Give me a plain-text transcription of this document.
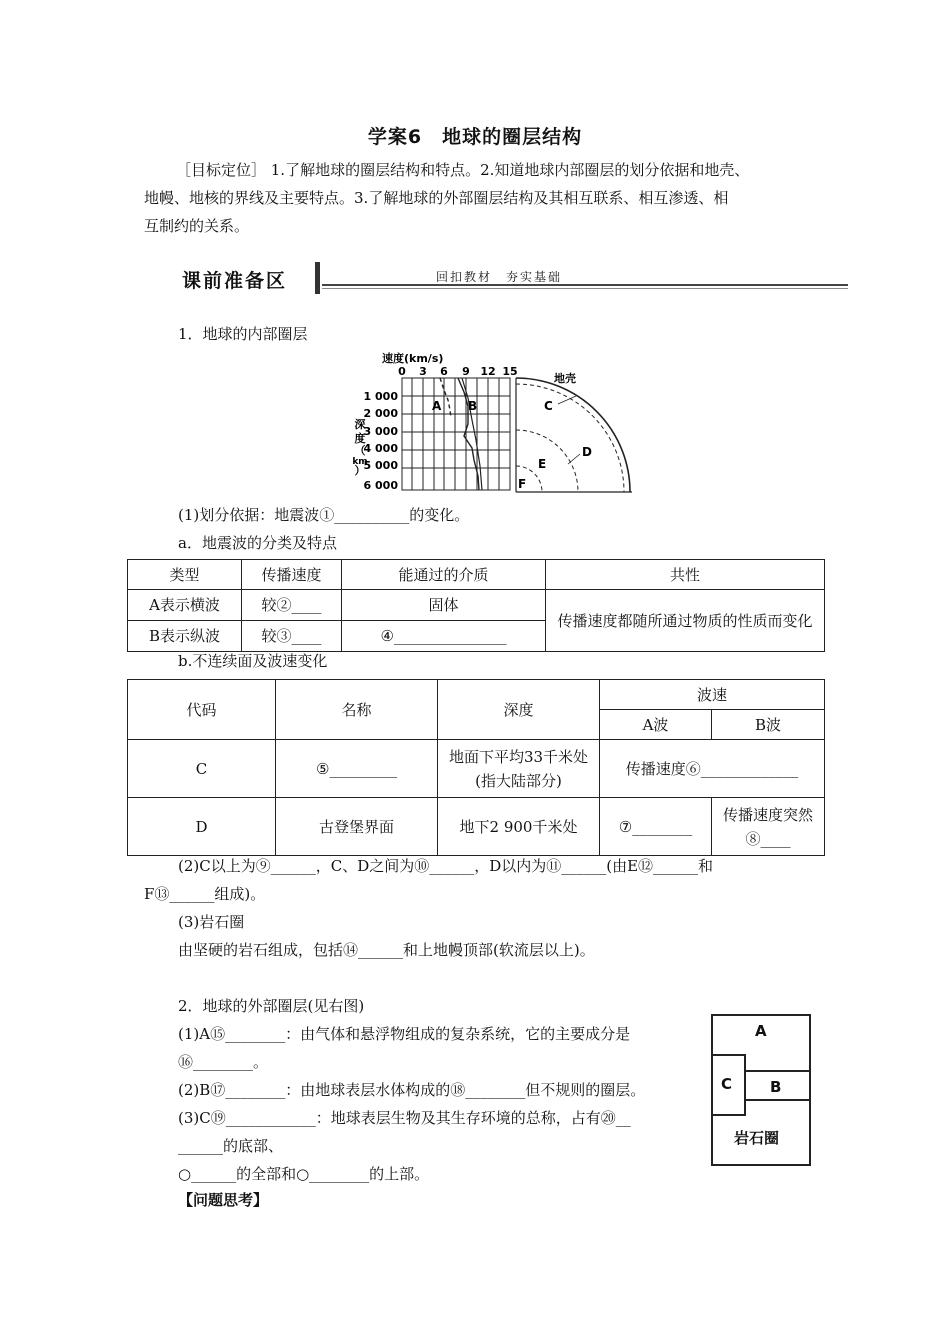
学案6　地球的圈层结构
［目标定位］ 1.了解地球的圈层结构和特点。2.知道地球内部圈层的划分依据和地壳、
地幔、地核的界线及主要特点。3.了解地球的外部圈层结构及其相互联系、相互渗透、相
互制约的关系。
课前准备区	回扣教材　夯实基础
1．地球的内部圈层
速度(km/s)
0 3 6 9 12 15
1 000
2 000
3 000
4 000
5 000
6 000
深
度
（
km
）
A B
地壳
C
D
E
F
(1)划分依据：地震波①__________的变化。
a．地震波的分类及特点
类型	传播速度	能通过的介质	共性
A表示横波	较②____	固体	传播速度都随所通过物质的性质而变化
B表示纵波	较③____	④_______________	
b.不连续面及波速变化
代码	名称	深度	波速	
			A波	B波
C	⑤_________	地面下平均33千米处(指大陆部分)	传播速度⑥_____________	
D	古登堡界面	地下2 900千米处	⑦________	传播速度突然⑧____
(2)C以上为⑨______，C、D之间为⑩______，D以内为⑪______(由E⑫______和
F⑬______组成)。
(3)岩石圈
由坚硬的岩石组成，包括⑭______和上地幔顶部(软流层以上)。
2．地球的外部圈层(见右图)
(1)A⑮________：由气体和悬浮物组成的复杂系统，它的主要成分是
⑯________。
(2)B⑰________：由地球表层水体构成的⑱________但不规则的圈层。
(3)C⑲____________：地球表层生物及其生存环境的总称，占有⑳__
______的底部、
○______的全部和○________的上部。
【问题思考】
A
C	B
岩石圈
